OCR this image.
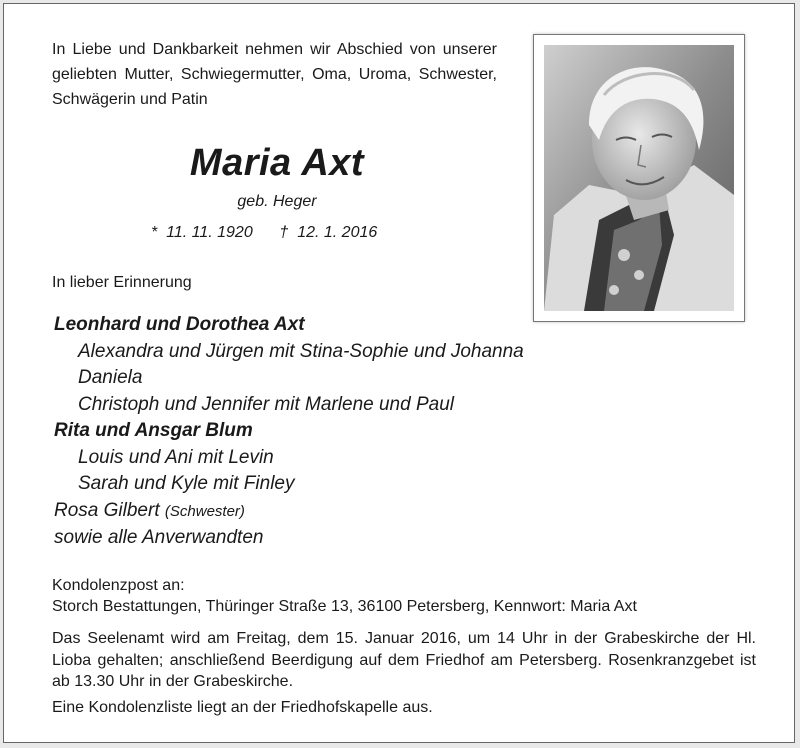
In Liebe und Dankbarkeit nehmen wir Abschied von unserer geliebten Mutter, Schwiegermutter, Oma, Uroma, Schwester, Schwägerin und Patin
Maria Axt
geb. Heger
* 11. 11. 1920 † 12. 1. 2016
In lieber Erinnerung
Leonhard und Dorothea Axt
Alexandra und Jürgen mit Stina-Sophie und Johanna
Daniela
Christoph und Jennifer mit Marlene und Paul
Rita und Ansgar Blum
Louis und Ani mit Levin
Sarah und Kyle mit Finley
Rosa Gilbert (Schwester)
sowie alle Anverwandten
Kondolenzpost an:
Storch Bestattungen, Thüringer Straße 13, 36100 Petersberg, Kennwort: Maria Axt
Das Seelenamt wird am Freitag, dem 15. Januar 2016, um 14 Uhr in der Grabeskirche der Hl. Lioba gehalten; anschließend Beerdigung auf dem Friedhof am Petersberg. Rosenkranzgebet ist ab 13.30 Uhr in der Grabeskirche.
Eine Kondolenzliste liegt an der Friedhofskapelle aus.
